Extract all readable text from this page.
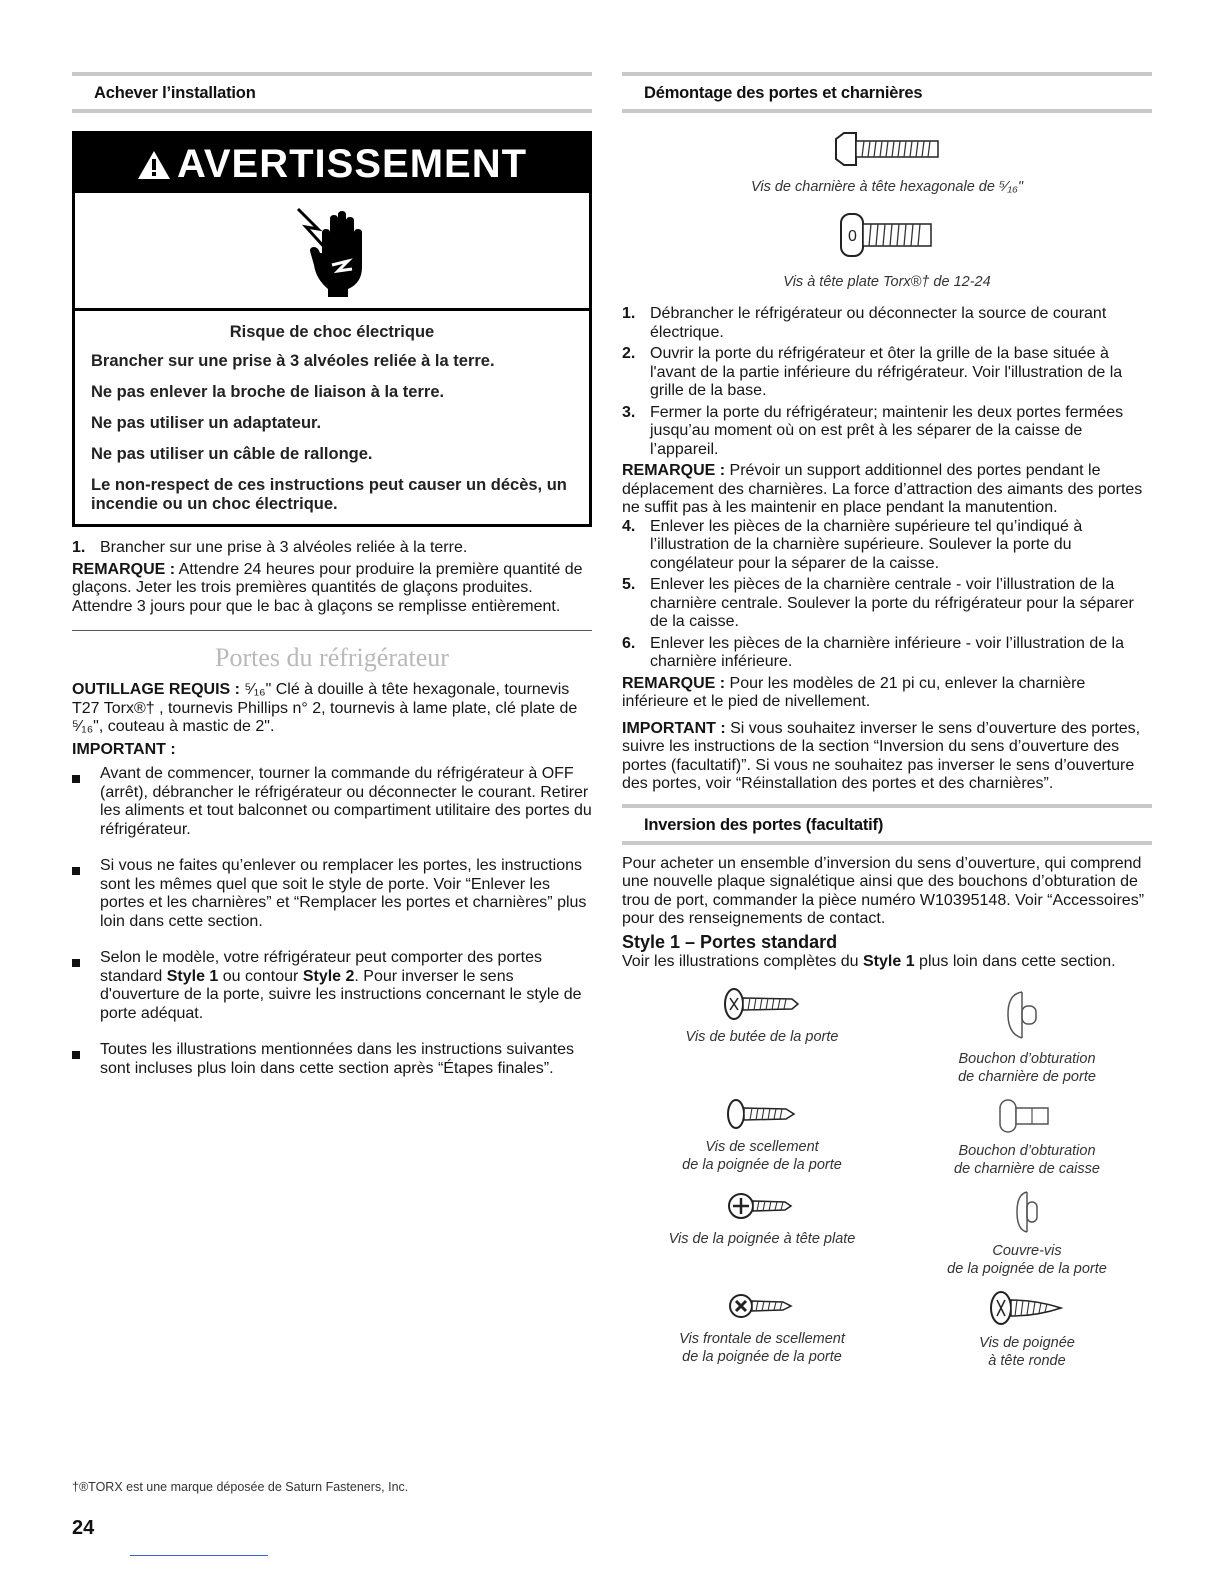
Achever l’installation
AVERTISSEMENT
Risque de choc électrique

Brancher sur une prise à 3 alvéoles reliée à la terre.

Ne pas enlever la broche de liaison à la terre.

Ne pas utiliser un adaptateur.

Ne pas utiliser un câble de rallonge.

Le non-respect de ces instructions peut causer un décès, un incendie ou un choc électrique.

1. Brancher sur une prise à 3 alvéoles reliée à la terre.

REMARQUE : Attendre 24 heures pour produire la première quantité de glaçons. Jeter les trois premières quantités de glaçons produites. Attendre 3 jours pour que le bac à glaçons se remplisse entièrement.

Portes du réfrigérateur

OUTILLAGE REQUIS : ⁵⁄₁₆" Clé à douille à tête hexagonale, tournevis T27 Torx®† , tournevis Phillips n° 2, tournevis à lame plate, clé plate de ⁵⁄₁₆", couteau à mastic de 2".

IMPORTANT :

Avant de commencer, tourner la commande du réfrigérateur à OFF (arrêt), débrancher le réfrigérateur ou déconnecter le courant. Retirer les aliments et tout balconnet ou compartiment utilitaire des portes du réfrigérateur.
Si vous ne faites qu’enlever ou remplacer les portes, les instructions sont les mêmes quel que soit le style de porte. Voir “Enlever les portes et les charnières” et “Remplacer les portes et charnières” plus loin dans cette section.
Selon le modèle, votre réfrigérateur peut comporter des portes standard Style 1 ou contour Style 2. Pour inverser le sens d'ouverture de la porte, suivre les instructions concernant le style de porte adéquat.
Toutes les illustrations mentionnées dans les instructions suivantes sont incluses plus loin dans cette section après “Étapes finales”.
Démontage des portes et charnières
Vis de charnière à tête hexagonale de ⁵⁄₁₆"
0
Vis à tête plate Torx®† de 12-24
1. Débrancher le réfrigérateur ou déconnecter la source de courant électrique.
2. Ouvrir la porte du réfrigérateur et ôter la grille de la base située à l'avant de la partie inférieure du réfrigérateur. Voir l'illustration de la grille de la base.
3. Fermer la porte du réfrigérateur; maintenir les deux portes fermées jusqu’au moment où on est prêt à les séparer de la caisse de l’appareil.

REMARQUE : Prévoir un support additionnel des portes pendant le déplacement des charnières. La force d’attraction des aimants des portes ne suffit pas à les maintenir en place pendant la manutention.

4. Enlever les pièces de la charnière supérieure tel qu’indiqué à l’illustration de la charnière supérieure. Soulever la porte du congélateur pour la séparer de la caisse.
5. Enlever les pièces de la charnière centrale - voir l’illustration de la charnière centrale. Soulever la porte du réfrigérateur pour la séparer de la caisse.
6. Enlever les pièces de la charnière inférieure - voir l’illustration de la charnière inférieure.

REMARQUE : Pour les modèles de 21 pi cu, enlever la charnière inférieure et le pied de nivellement.

IMPORTANT : Si vous souhaitez inverser le sens d’ouverture des portes, suivre les instructions de la section “Inversion du sens d’ouverture des portes (facultatif)”. Si vous ne souhaitez pas inverser le sens d’ouverture des portes, voir “Réinstallation des portes et des charnières”.

Inversion des portes (facultatif)

Pour acheter un ensemble d’inversion du sens d’ouverture, qui comprend une nouvelle plaque signalétique ainsi que des bouchons d’obturation de trou de port, commander la pièce numéro W10395148. Voir “Accessoires” pour des renseignements de contact.

Style 1 – Portes standard

Voir les illustrations complètes du Style 1 plus loin dans cette section.

Vis de butée de la porte
Bouchon d’obturation
de charnière de porte
Vis de scellement
de la poignée de la porte
Bouchon d’obturation
de charnière de caisse
Vis de la poignée à tête plate
Couvre-vis
de la poignée de la porte
Vis frontale de scellement
de la poignée de la porte
Vis de poignée
à tête ronde
†®TORX est une marque déposée de Saturn Fasteners, Inc.
24
